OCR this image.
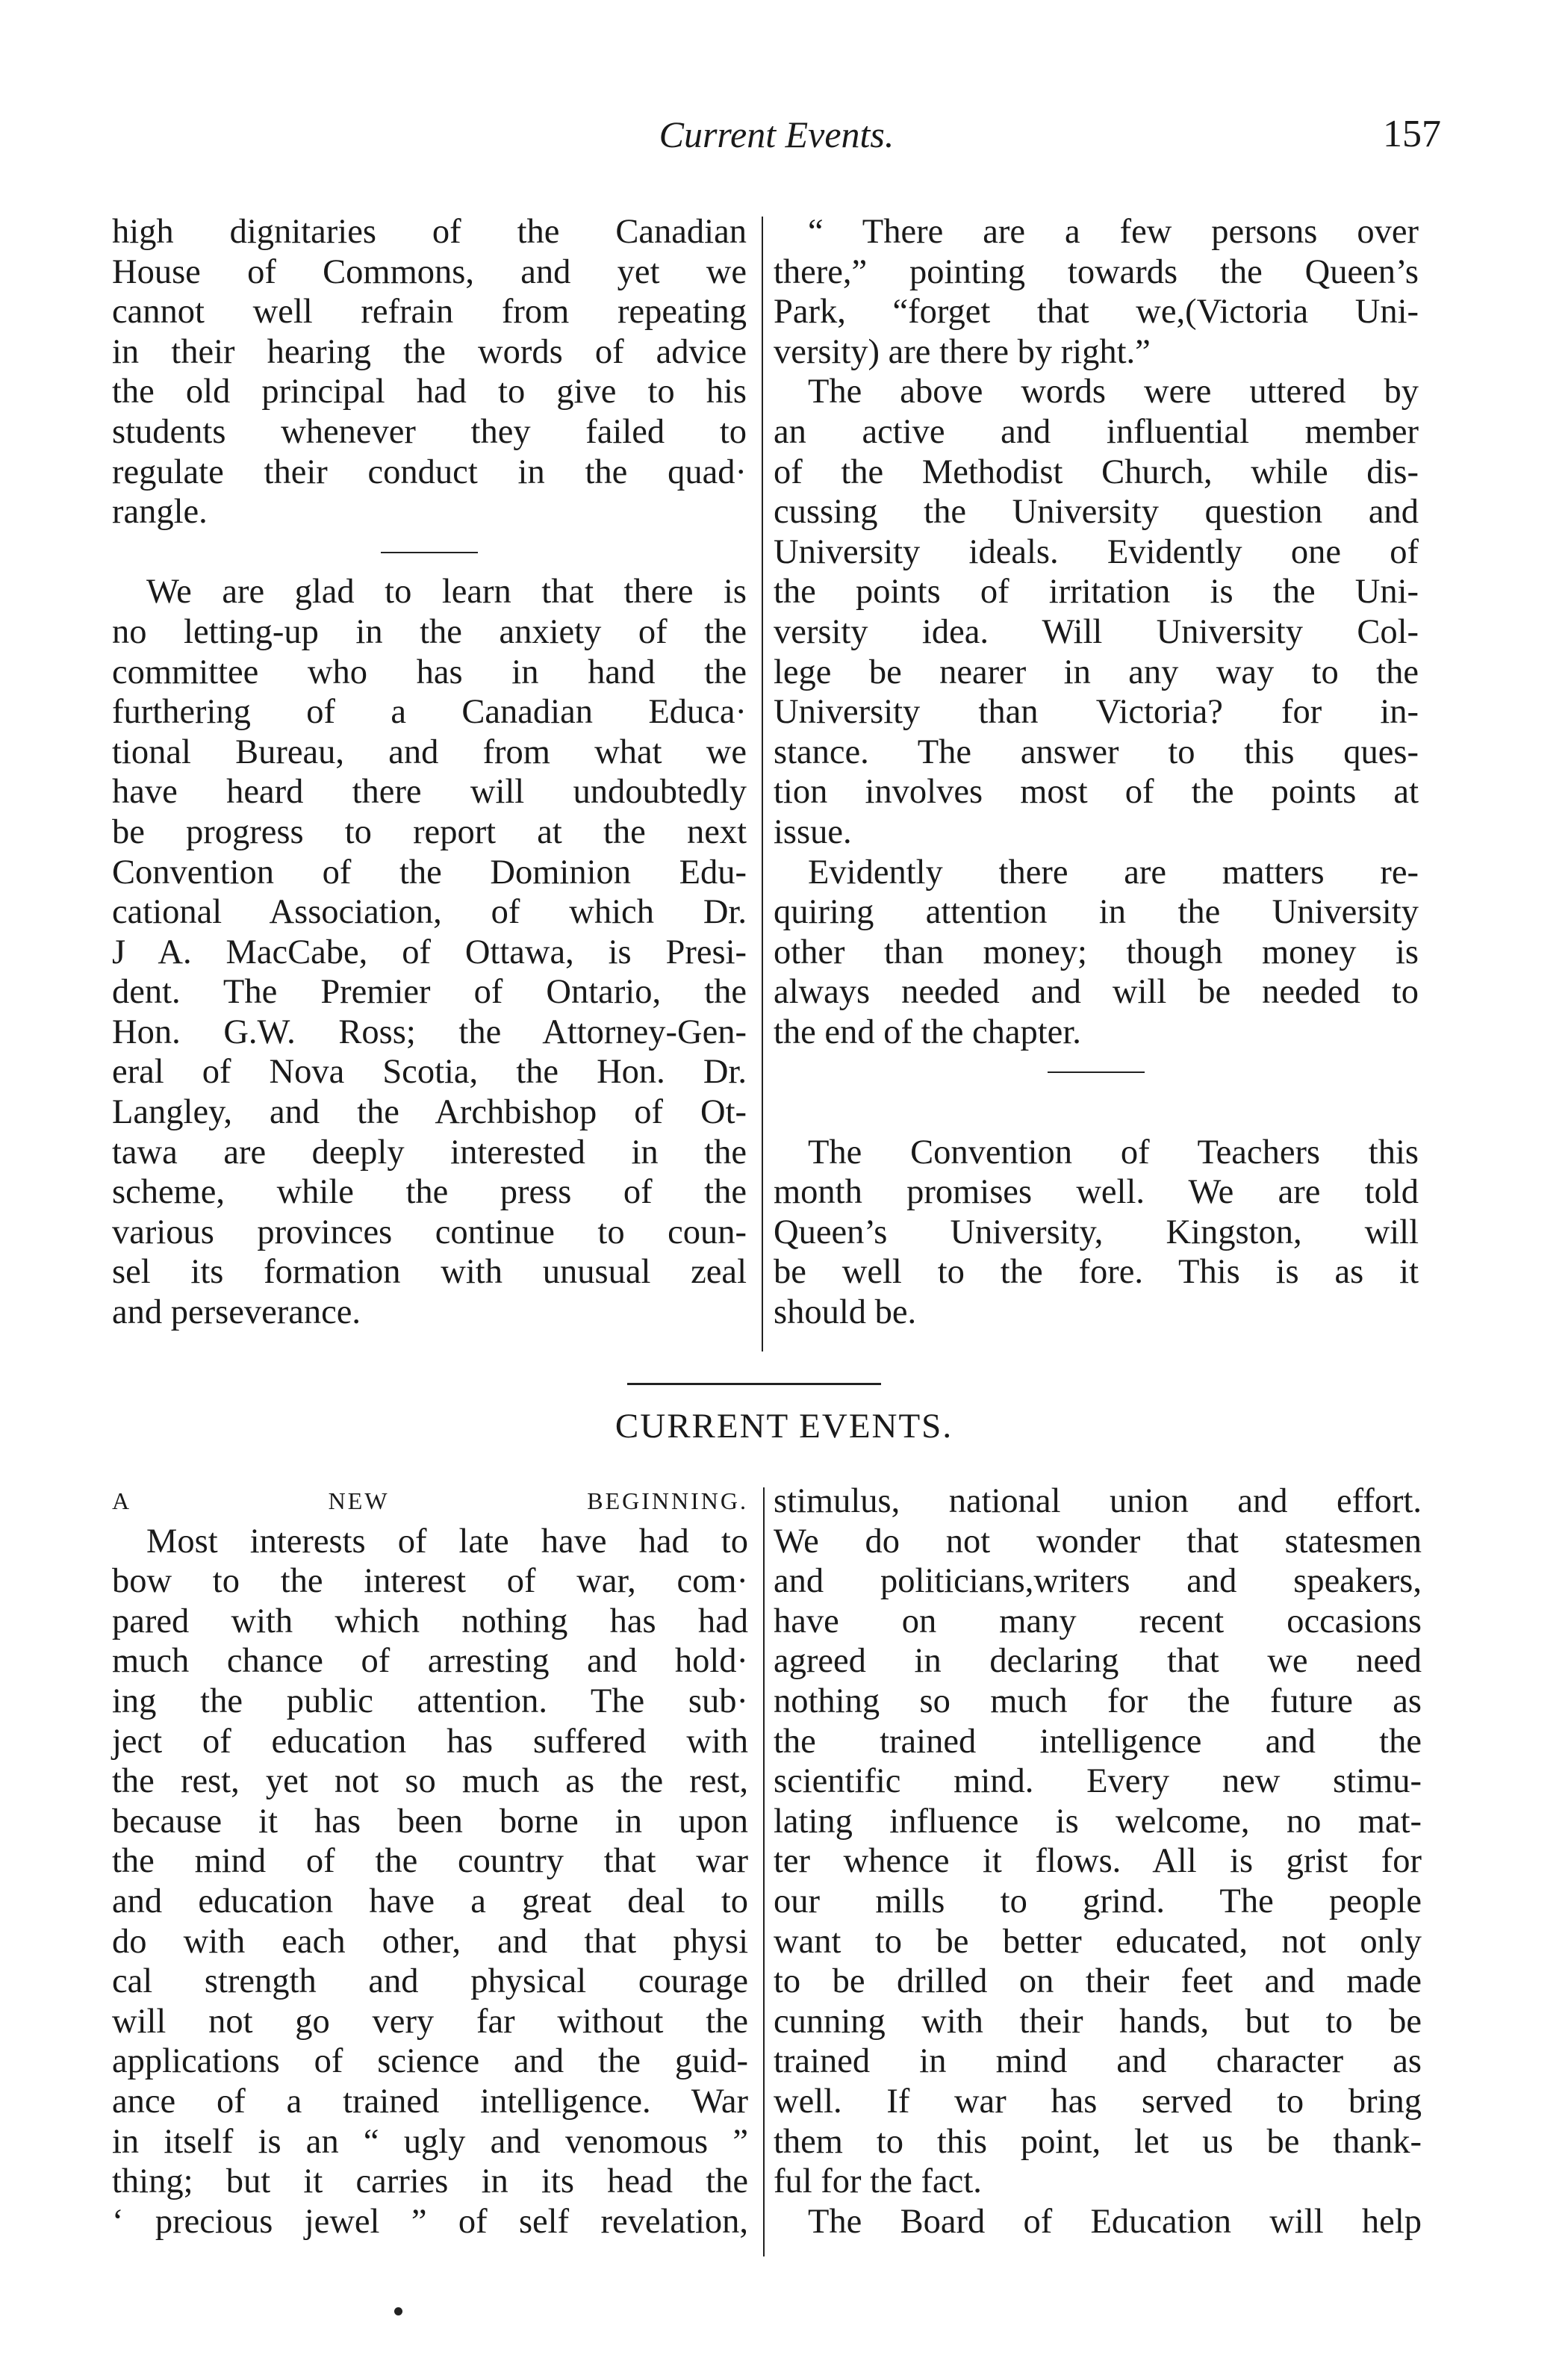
Current Events.	157
high dignitaries of the Canadian
House of Commons, and yet we
cannot well refrain from repeating
in their hearing the words of advice
the old principal had to give to his
students whenever they failed to
regulate their conduct in the quad·
rangle.
We are glad to learn that there is
no letting-up in the anxiety of the
committee who has in hand the
furthering of a Canadian Educa·
tional Bureau, and from what we
have heard there will undoubtedly
be progress to report at the next
Convention of the Dominion Edu-
cational Association, of which Dr.
J A. MacCabe, of Ottawa, is Presi-
dent. The Premier of Ontario, the
Hon. G.W. Ross; the Attorney-Gen-
eral of Nova Scotia, the Hon. Dr.
Langley, and the Archbishop of Ot-
tawa are deeply interested in the
scheme, while the press of the
various provinces continue to coun-
sel its formation with unusual zeal
and perseverance.
“ There are a few persons over
there,” pointing towards the Queen’s
Park, “forget that we,(Victoria Uni-
versity) are there by right.”
The above words were uttered by
an active and influential member
of the Methodist Church, while dis-
cussing the University question and
University ideals. Evidently one of
the points of irritation is the Uni-
versity idea. Will University Col-
lege be nearer in any way to the
University than Victoria? for in-
stance. The answer to this ques-
tion involves most of the points at
issue.
Evidently there are matters re-
quiring attention in the University
other than money; though money is
always needed and will be needed to
the end of the chapter.
The Convention of Teachers this
month promises well. We are told
Queen’s University, Kingston, will
be well to the fore. This is as it
should be.
CURRENT EVENTS.
A NEW BEGINNING.
Most interests of late have had to
bow to the interest of war, com·
pared with which nothing has had
much chance of arresting and hold·
ing the public attention. The sub·
ject of education has suffered with
the rest, yet not so much as the rest,
because it has been borne in upon
the mind of the country that war
and education have a great deal to
do with each other, and that physi
cal strength and physical courage
will not go very far without the
applications of science and the guid-
ance of a trained intelligence. War
in itself is an “ ugly and venomous ”
thing; but it carries in its head the
‘ precious jewel ” of self revelation,
stimulus, national union and effort.
We do not wonder that statesmen
and politicians,writers and speakers,
have on many recent occasions
agreed in declaring that we need
nothing so much for the future as
the trained intelligence and the
scientific mind. Every new stimu-
lating influence is welcome, no mat-
ter whence it flows. All is grist for
our mills to grind. The people
want to be better educated, not only
to be drilled on their feet and made
cunning with their hands, but to be
trained in mind and character as
well. If war has served to bring
them to this point, let us be thank-
ful for the fact.
The Board of Education will help
